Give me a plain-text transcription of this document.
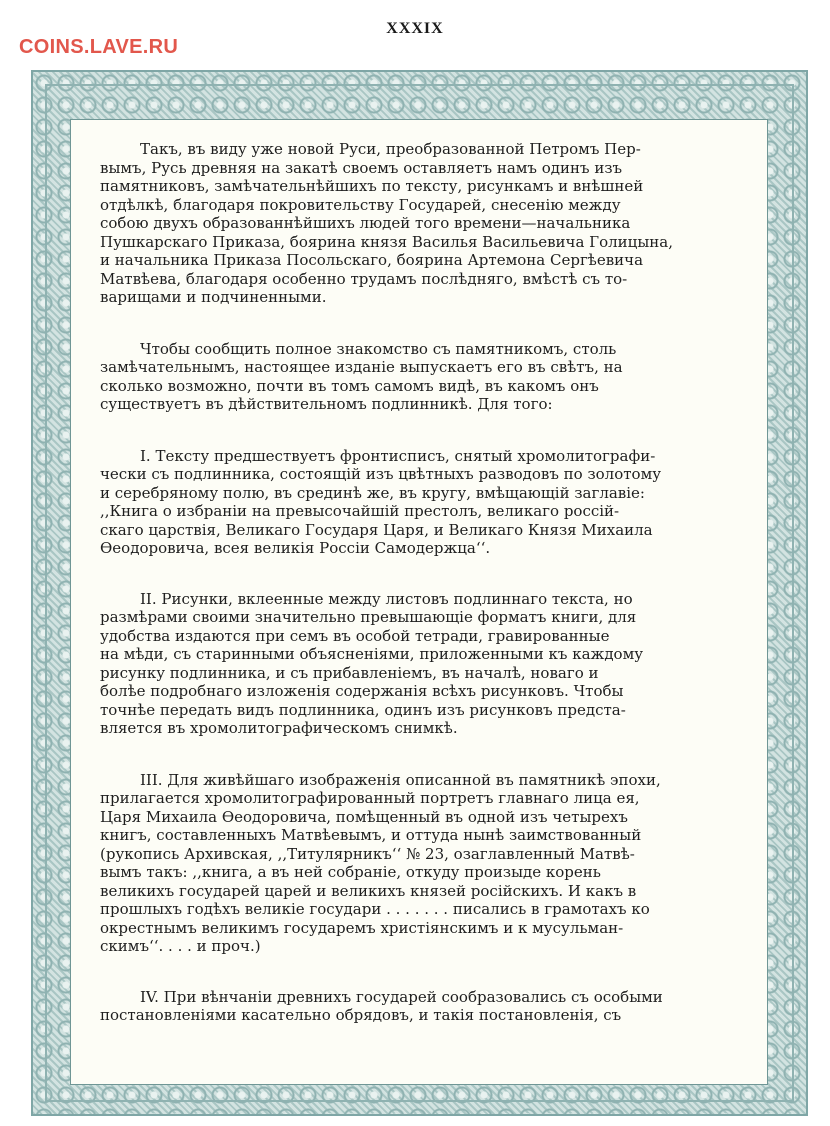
XXXIX
COINS.LAVE.RU

Такъ, въ виду уже новой Руси, преобразованной Петромъ Пер-
вымъ, Русь древняя на закатѣ своемъ оставляетъ намъ одинъ изъ
памятниковъ, замѣчательнѣйшихъ по тексту, рисункамъ и внѣшней
отдѣлкѣ, благодаря покровительству Государей, снесенію между
собою двухъ образованнѣйшихъ людей того времени—начальника
Пушкарскаго Приказа, боярина князя Василья Васильевича Голицына,
и начальника Приказа Посольскаго, боярина Артемона Сергѣевича
Матвѣева, благодаря особенно трудамъ послѣдняго, вмѣстѣ съ то-
варищами и подчиненными.

Чтобы сообщить полное знакомство съ памятникомъ, столь
замѣчательнымъ, настоящее изданіе выпускаетъ его въ свѣтъ, на
сколько возможно, почти въ томъ самомъ видѣ, въ какомъ онъ
существуетъ въ дѣйствительномъ подлинникѣ. Для того:

I. Тексту предшествуетъ фронтисписъ, снятый хромолитографи-
чески съ подлинника, состоящій изъ цвѣтныхъ разводовъ по золотому
и серебряному полю, въ срединѣ же, въ кругу, вмѣщающій заглавіе:
,,Книга о избраніи на превысочайшій престолъ, великаго россій-
скаго царствія, Великаго Государя Царя, и Великаго Князя Михаила
Ѳеодоровича, всея великія Россіи Самодержца‘‘.

II. Рисунки, вклеенные между листовъ подлиннаго текста, но
размѣрами своими значительно превышающіе форматъ книги, для
удобства издаются при семъ въ особой тетради, гравированные
на мѣди, съ старинными объясненіями, приложенными къ каждому
рисунку подлинника, и съ прибавленіемъ, въ началѣ, новаго и
болѣе подробнаго изложенія содержанія всѣхъ рисунковъ. Чтобы
точнѣе передать видъ подлинника, одинъ изъ рисунковъ предста-
вляется въ хромолитографическомъ снимкѣ.

III. Для живѣйшаго изображенія описанной въ памятникѣ эпохи,
прилагается хромолитографированный портретъ главнаго лица ея,
Царя Михаила Ѳеодоровича, помѣщенный въ одной изъ четырехъ
книгъ, составленныхъ Матвѣевымъ, и оттуда нынѣ заимствованный
(рукопись Архивская, ,,Титулярникъ‘‘ № 23, озаглавленный Матвѣ-
вымъ такъ: ,,книга, а въ ней собраніе, откуду произыде корень
великихъ государей царей и великихъ князей російскихъ. И какъ в
прошлыхъ годѣхъ великіе государи . . . . . . . писались в грамотахъ ко
окрестнымъ великимъ государемъ христіянскимъ и к мусульман-
скимъ‘‘. . . . и проч.)

IV. При вѣнчаніи древнихъ государей сообразовались съ особыми
постановленіями касательно обрядовъ, и такія постановленія, съ
